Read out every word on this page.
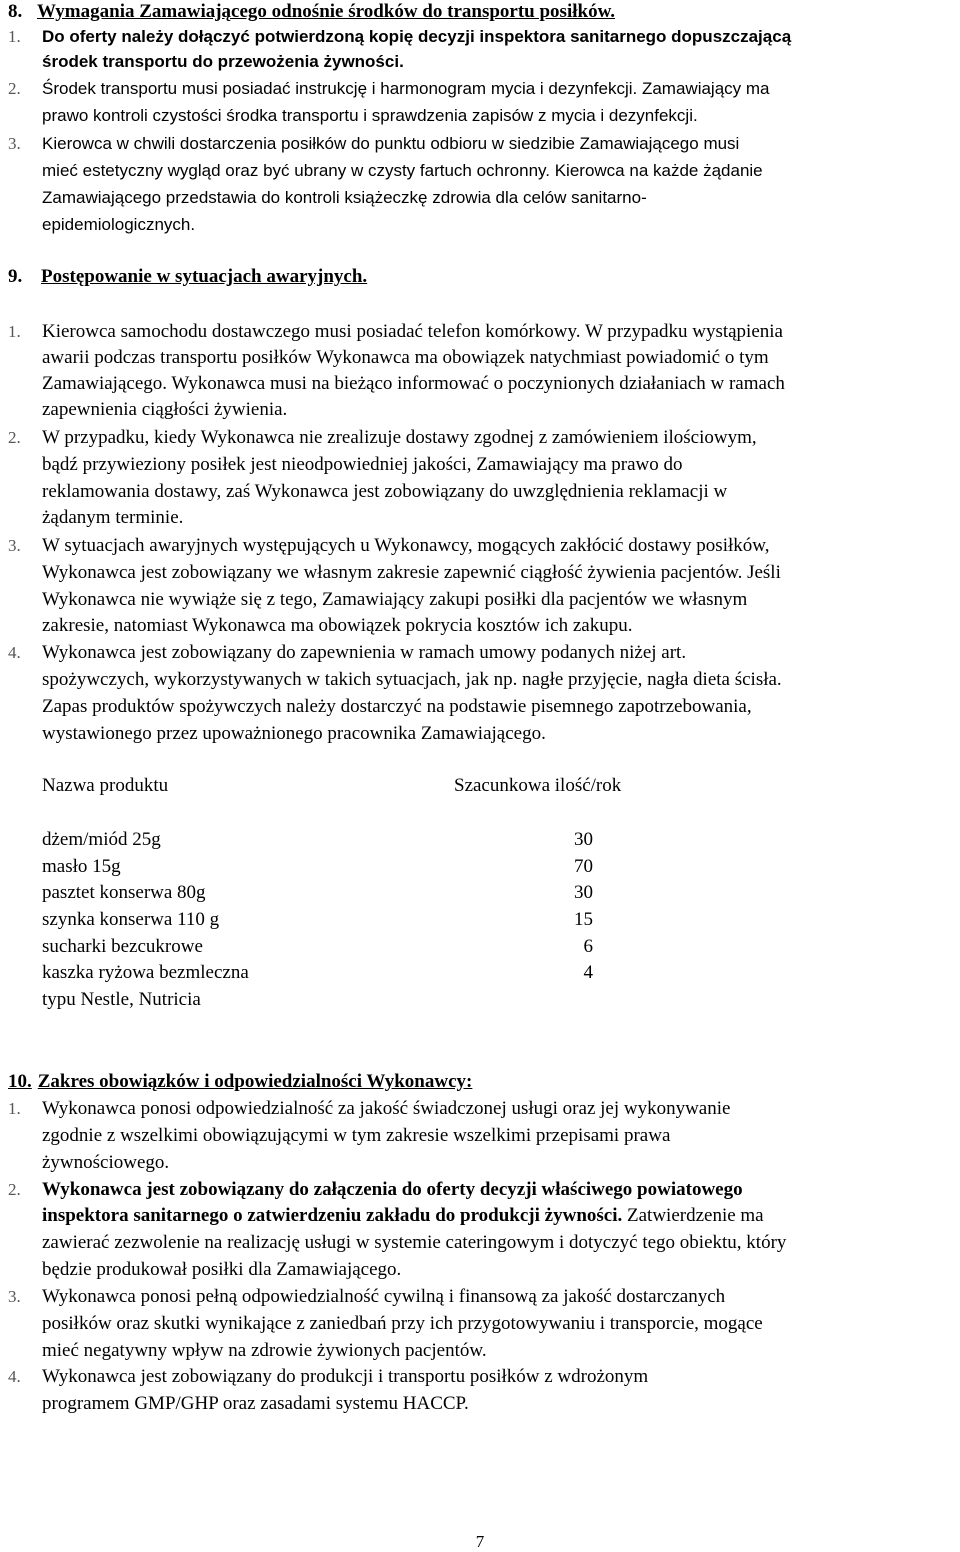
8. Wymagania Zamawiającego odnośnie środków do transportu posiłków.
1. Do oferty należy dołączyć potwierdzoną kopię decyzji inspektora sanitarnego dopuszczającą
środek transportu do przewożenia żywności.
2. Środek transportu musi posiadać instrukcję i harmonogram mycia i dezynfekcji. Zamawiający ma
prawo kontroli czystości środka transportu i sprawdzenia zapisów z mycia i dezynfekcji.
3. Kierowca w chwili dostarczenia posiłków do punktu odbioru w siedzibie Zamawiającego musi
mieć estetyczny wygląd oraz być ubrany w czysty fartuch ochronny. Kierowca na każde żądanie
Zamawiającego przedstawia do kontroli książeczkę zdrowia dla celów sanitarno-
epidemiologicznych.
9. Postępowanie w sytuacjach awaryjnych.
1. Kierowca samochodu dostawczego musi posiadać telefon komórkowy. W przypadku wystąpienia
awarii podczas transportu posiłków Wykonawca ma obowiązek natychmiast powiadomić o tym
Zamawiającego. Wykonawca musi na bieżąco informować o poczynionych działaniach w ramach
zapewnienia ciągłości żywienia.
2. W przypadku, kiedy Wykonawca nie zrealizuje dostawy zgodnej z zamówieniem ilościowym,
bądź przywieziony posiłek jest nieodpowiedniej jakości, Zamawiający ma prawo do
reklamowania dostawy, zaś Wykonawca jest zobowiązany do uwzględnienia reklamacji w
żądanym terminie.
3. W sytuacjach awaryjnych występujących u Wykonawcy, mogących zakłócić dostawy posiłków,
Wykonawca jest zobowiązany we własnym zakresie zapewnić ciągłość żywienia pacjentów. Jeśli
Wykonawca nie wywiąże się z tego, Zamawiający zakupi posiłki dla pacjentów we własnym
zakresie, natomiast Wykonawca ma obowiązek pokrycia kosztów ich zakupu.
4. Wykonawca jest zobowiązany do zapewnienia w ramach umowy podanych niżej art.
spożywczych, wykorzystywanych w takich sytuacjach, jak np. nagłe przyjęcie, nagła dieta ścisła.
Zapas produktów spożywczych należy dostarczyć na podstawie pisemnego zapotrzebowania,
wystawionego przez upoważnionego pracownika Zamawiającego.
Nazwa produktu	Szacunkowa ilość/rok
dżem/miód 25g	30
masło 15g	70
pasztet konserwa 80g	30
szynka konserwa 110 g	15
sucharki bezcukrowe	6
kaszka ryżowa bezmleczna	4
typu Nestle, Nutricia
10. Zakres obowiązków i odpowiedzialności Wykonawcy:
1. Wykonawca ponosi odpowiedzialność za jakość świadczonej usługi oraz jej wykonywanie
zgodnie z wszelkimi obowiązującymi w tym zakresie wszelkimi przepisami prawa
żywnościowego.
2. Wykonawca jest zobowiązany do załączenia do oferty decyzji właściwego powiatowego
inspektora sanitarnego o zatwierdzeniu zakładu do produkcji żywności. Zatwierdzenie ma
zawierać zezwolenie na realizację usługi w systemie cateringowym i dotyczyć tego obiektu, który
będzie produkował posiłki dla Zamawiającego.
3. Wykonawca ponosi pełną odpowiedzialność cywilną i finansową za jakość dostarczanych
posiłków oraz skutki wynikające z zaniedbań przy ich przygotowywaniu i transporcie, mogące
mieć negatywny wpływ na zdrowie żywionych pacjentów.
4. Wykonawca jest zobowiązany do produkcji i transportu posiłków z wdrożonym
programem GMP/GHP oraz zasadami systemu HACCP.
7
